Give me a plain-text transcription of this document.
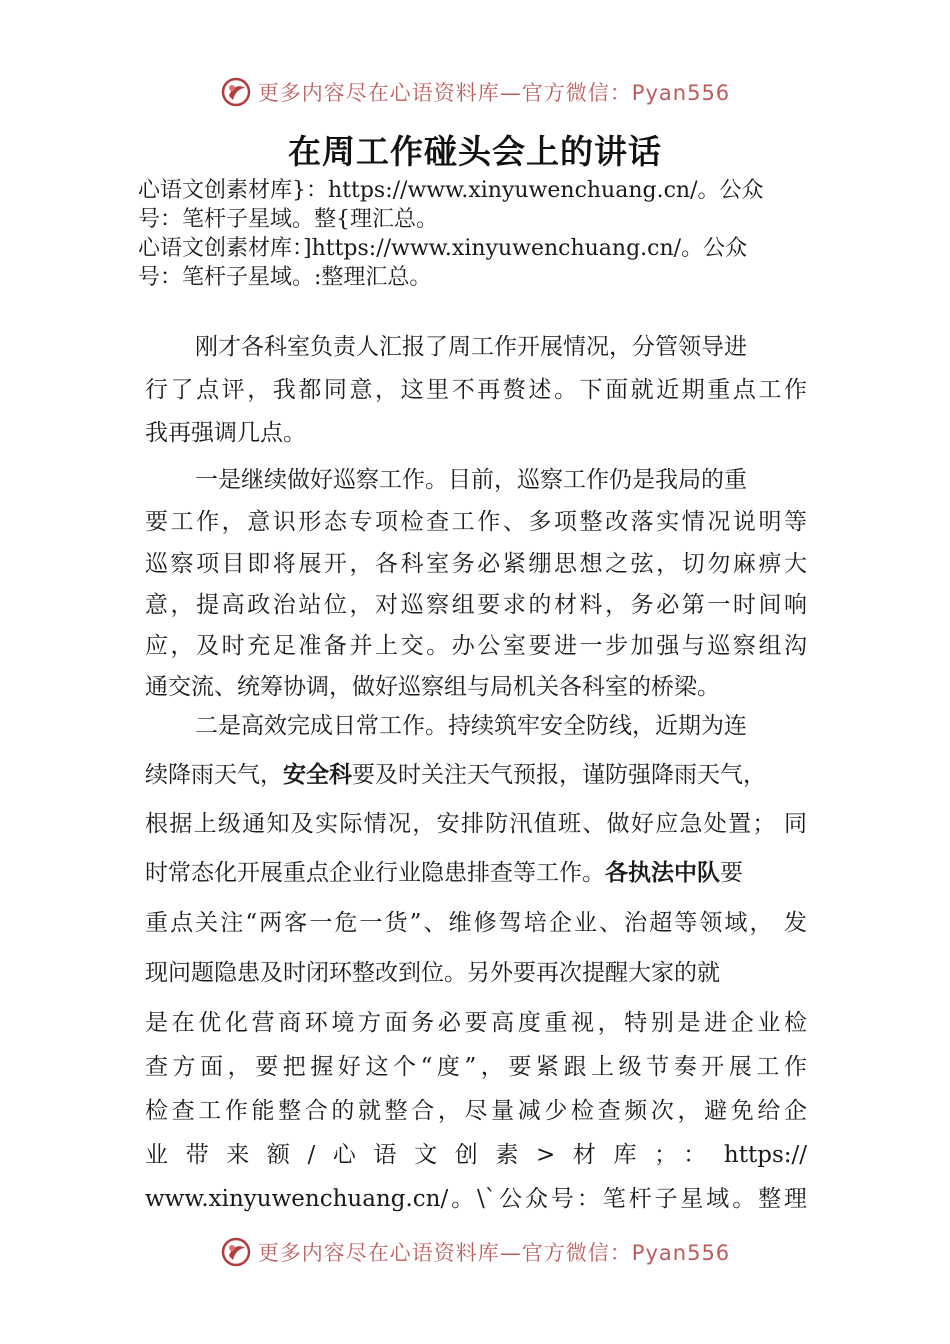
更多内容尽在心语资料库—官方微信：Pyan556
在周工作碰头会上的讲话
心语文创素材库}：https://www.xinyuwenchuang.cn/。公众
号：笔杆子星域。整{理汇总。
心语文创素材库：]https://www.xinyuwenchuang.cn/。公众
号：笔杆子星域。:整理汇总。
刚才各科室负责人汇报了周工作开展情况，分管领导进
行了点评，我都同意，这里不再赘述。下面就近期重点工作
我再强调几点。
一是继续做好巡察工作。目前，巡察工作仍是我局的重
要工作，意识形态专项检查工作、多项整改落实情况说明等
巡察项目即将展开，各科室务必紧绷思想之弦，切勿麻痹大
意，提高政治站位，对巡察组要求的材料，务必第一时间响
应，及时充足准备并上交。办公室要进一步加强与巡察组沟
通交流、统筹协调，做好巡察组与局机关各科室的桥梁。
二是高效完成日常工作。持续筑牢安全防线，近期为连
续降雨天气，安全科要及时关注天气预报，谨防强降雨天气，
根据上级通知及实际情况，安排防汛值班、做好应急处置； 同
时常态化开展重点企业行业隐患排查等工作。各执法中队要
重点关注“两客一危一货”、维修驾培企业、治超等领域， 发
现问题隐患及时闭环整改到位。另外要再次提醒大家的就
是在优化营商环境方面务必要高度重视，特别是进企业检
查方面，要把握好这个“度”，要紧跟上级节奏开展工作
检查工作能整合的就整合，尽量减少检查频次，避免给企
业带来额/心语文创素>材库；：https://
www.xinyuwenchuang.cn/。\`公众号：笔杆子星域。整理
更多内容尽在心语资料库—官方微信：Pyan556
